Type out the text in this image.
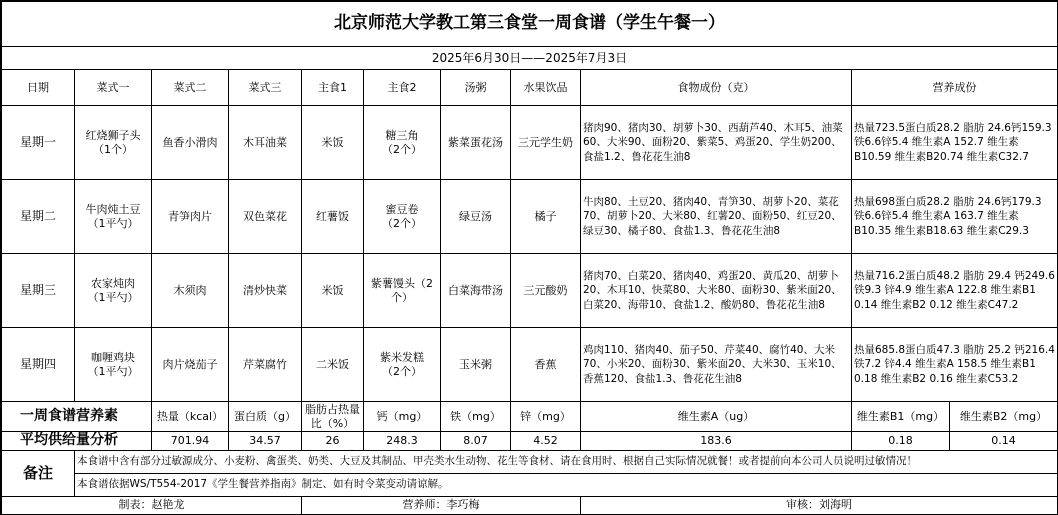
北京师范大学教工第三食堂一周食谱（学生午餐一）										
2025年6月30日——2025年7月3日										
日期	菜式一	菜式二	菜式三	主食1	主食2	汤粥	水果饮品	食物成份（克）	营养成份	
星期一	红烧狮子头
（1个）	鱼香小滑肉	木耳油菜	米饭	糖三角
（2个）	紫菜蛋花汤	三元学生奶	猪肉90、猪肉30、胡萝卜30、西葫芦40、木耳5、油菜60、大米90、面粉20、紫菜5、鸡蛋20、学生奶200、食盐1.2、鲁花花生油8	热量723.5蛋白质28.2 脂肪 24.6钙159.3 铁6.6锌5.4 维生素A 152.7 维生素B10.59 维生素B20.74 维生素C32.7	
星期二	牛肉炖土豆
（1平勺）	青笋肉片	双色菜花	红薯饭	蜜豆卷
（2个）	绿豆汤	橘子	牛肉80、土豆20、猪肉40、青笋30、胡萝卜20、菜花70、胡萝卜20、大米80、红薯20、面粉50、红豆20、绿豆30、橘子80、食盐1.3、鲁花花生油8	热量698蛋白质28.2 脂肪 24.6钙179.3 铁6.6锌5.4 维生素A 163.7 维生素B10.35 维生素B18.63 维生素C29.3	
星期三	农家炖肉
（1平勺）	木须肉	清炒快菜	米饭	紫薯馒头（2个）	白菜海带汤	三元酸奶	猪肉70、白菜20、猪肉40、鸡蛋20、黄瓜20、胡萝卜20、木耳10、快菜80、大米80、面粉30、紫米面20、白菜20、海带10、食盐1.2、酸奶80、鲁花花生油8	热量716.2蛋白质48.2 脂肪 29.4 钙249.6 铁9.3 锌4.9 维生素A 122.8 维生素B1 0.14 维生素B2 0.12 维生素C47.2	
星期四	咖喱鸡块
（1平勺）	肉片烧茄子	芹菜腐竹	二米饭	紫米发糕
（2个）	玉米粥	香蕉	鸡肉110、猪肉40、茄子50、芹菜40、腐竹40、大米70、小米20、面粉30、紫米面20、大米30、玉米10、香蕉120、食盐1.3、鲁花花生油8	热量685.8蛋白质47.3 脂肪 25.2 钙216.4 铁7.2 锌4.4 维生素A 158.5 维生素B1 0.18 维生素B2 0.16 维生素C53.2	
一周食谱营养素		热量（kcal）	蛋白质（g）	脂肪占热量比（%）	钙（mg）	铁（mg）	锌（mg）	维生素A（ug）	维生素B1（mg）	维生素B2（mg）
平均供给量分析		701.94	34.57	26	248.3	8.07	4.52	183.6	0.18	0.14
备注	本食谱中含有部分过敏源成分、小麦粉、禽蛋类、奶类、大豆及其制品、甲壳类水生动物、花生等食材、请在食用时、根据自己实际情况就餐！或者提前向本公司人员说明过敏情况！									
	本食谱依据WS/T554-2017《学生餐营养指南》制定、如有时令菜变动请谅解。									
制表：赵艳龙				营养师：李巧梅				审核：刘海明		
